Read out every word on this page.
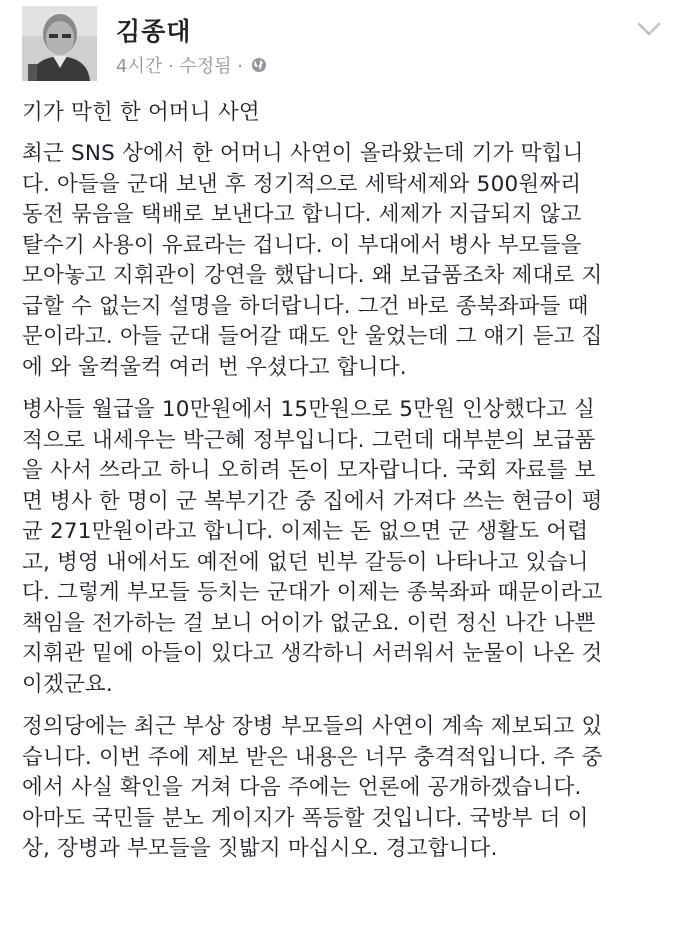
김종대
4시간 · 수정됨 ·
기가 막힌 한 어머니 사연
최근 SNS 상에서 한 어머니 사연이 올라왔는데 기가 막힙니
다. 아들을 군대 보낸 후 정기적으로 세탁세제와 500원짜리
동전 묶음을 택배로 보낸다고 합니다. 세제가 지급되지 않고
탈수기 사용이 유료라는 겁니다. 이 부대에서 병사 부모들을
모아놓고 지휘관이 강연을 했답니다. 왜 보급품조차 제대로 지
급할 수 없는지 설명을 하더랍니다. 그건 바로 종북좌파들 때
문이라고. 아들 군대 들어갈 때도 안 울었는데 그 얘기 듣고 집
에 와 울컥울컥 여러 번 우셨다고 합니다.
병사들 월급을 10만원에서 15만원으로 5만원 인상했다고 실
적으로 내세우는 박근혜 정부입니다. 그런데 대부분의 보급품
을 사서 쓰라고 하니 오히려 돈이 모자랍니다. 국회 자료를 보
면 병사 한 명이 군 복부기간 중 집에서 가져다 쓰는 현금이 평
균 271만원이라고 합니다. 이제는 돈 없으면 군 생활도 어렵
고, 병영 내에서도 예전에 없던 빈부 갈등이 나타나고 있습니
다. 그렇게 부모들 등치는 군대가 이제는 종북좌파 때문이라고
책임을 전가하는 걸 보니 어이가 없군요. 이런 정신 나간 나쁜
지휘관 밑에 아들이 있다고 생각하니 서러워서 눈물이 나온 것
이겠군요.
정의당에는 최근 부상 장병 부모들의 사연이 계속 제보되고 있
습니다. 이번 주에 제보 받은 내용은 너무 충격적입니다. 주 중
에서 사실 확인을 거쳐 다음 주에는 언론에 공개하겠습니다.
아마도 국민들 분노 게이지가 폭등할 것입니다. 국방부 더 이
상, 장병과 부모들을 짓밟지 마십시오. 경고합니다.
